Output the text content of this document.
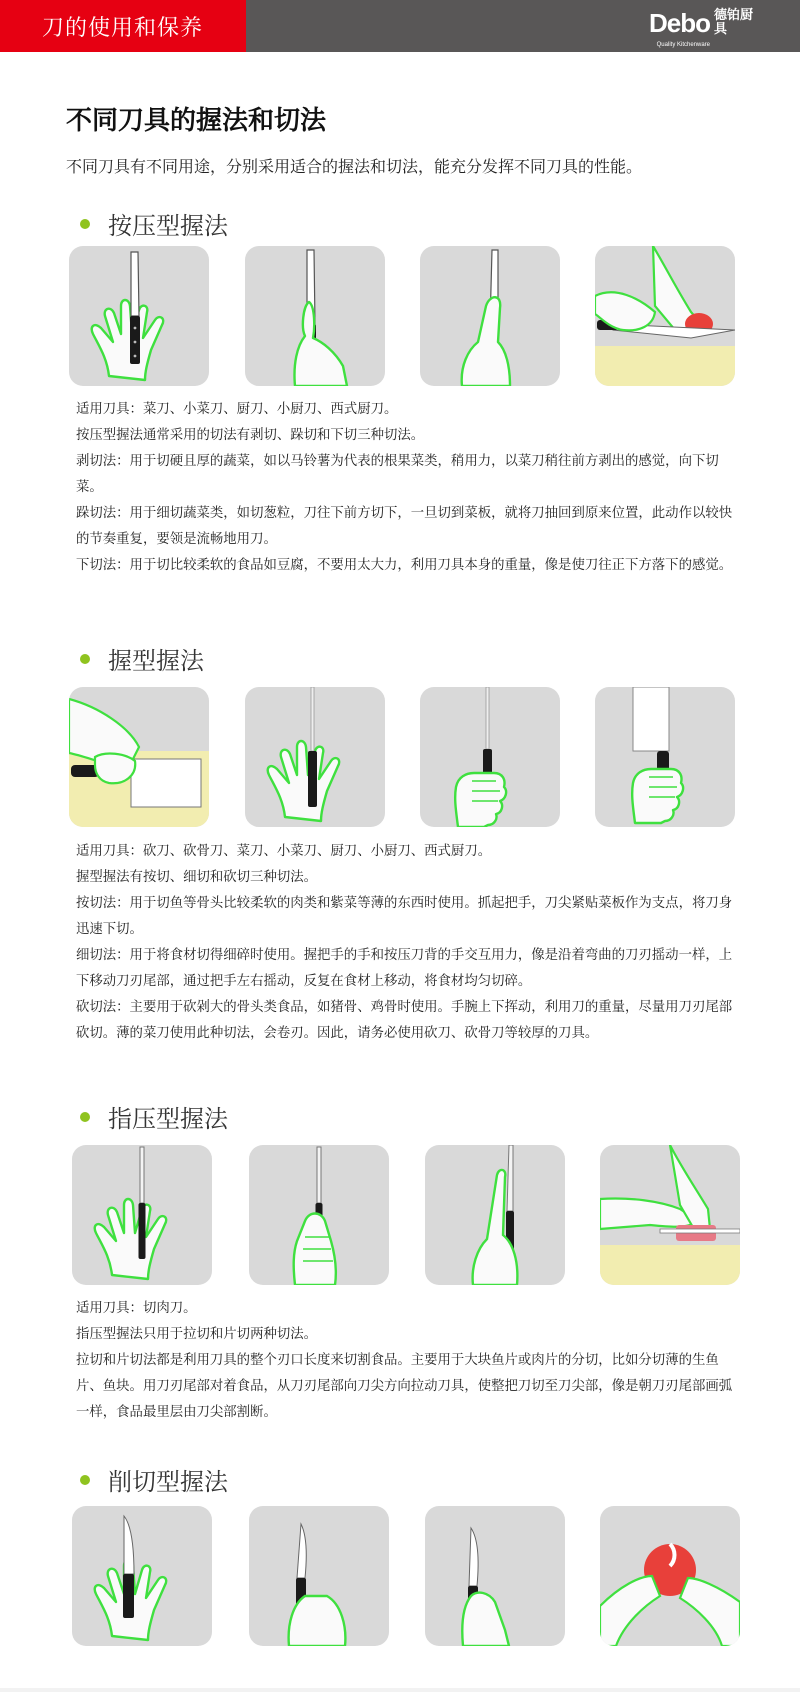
刀的使用和保养	Debo 德铂厨具
Quality Kitchenware
不同刀具的握法和切法

不同刀具有不同用途，分别采用适合的握法和切法，能充分发挥不同刀具的性能。

按压型握法

适用刀具：菜刀、小菜刀、厨刀、小厨刀、西式厨刀。

按压型握法通常采用的切法有剥切、跺切和下切三种切法。

剥切法：用于切硬且厚的蔬菜，如以马铃薯为代表的根果菜类，稍用力，以菜刀稍往前方剥出的感觉，向下切菜。

跺切法：用于细切蔬菜类，如切葱粒，刀往下前方切下，一旦切到菜板，就将刀抽回到原来位置，此动作以较快的节奏重复，要领是流畅地用刀。

下切法：用于切比较柔软的食品如豆腐，不要用太大力，利用刀具本身的重量，像是使刀往正下方落下的感觉。

握型握法

适用刀具：砍刀、砍骨刀、菜刀、小菜刀、厨刀、小厨刀、西式厨刀。

握型握法有按切、细切和砍切三种切法。

按切法：用于切鱼等骨头比较柔软的肉类和紫菜等薄的东西时使用。抓起把手，刀尖紧贴菜板作为支点，将刀身迅速下切。

细切法：用于将食材切得细碎时使用。握把手的手和按压刀背的手交互用力，像是沿着弯曲的刀刃摇动一样，上下移动刀刃尾部，通过把手左右摇动，反复在食材上移动，将食材均匀切碎。

砍切法：主要用于砍剁大的骨头类食品，如猪骨、鸡骨时使用。手腕上下挥动，利用刀的重量，尽量用刀刃尾部砍切。薄的菜刀使用此种切法，会卷刃。因此，请务必使用砍刀、砍骨刀等较厚的刀具。

指压型握法

适用刀具：切肉刀。

指压型握法只用于拉切和片切两种切法。

拉切和片切法都是利用刀具的整个刃口长度来切割食品。主要用于大块鱼片或肉片的分切，比如分切薄的生鱼片、鱼块。用刀刃尾部对着食品，从刀刃尾部向刀尖方向拉动刀具，使整把刀切至刀尖部，像是朝刀刃尾部画弧一样，食品最里层由刀尖部割断。

削切型握法
